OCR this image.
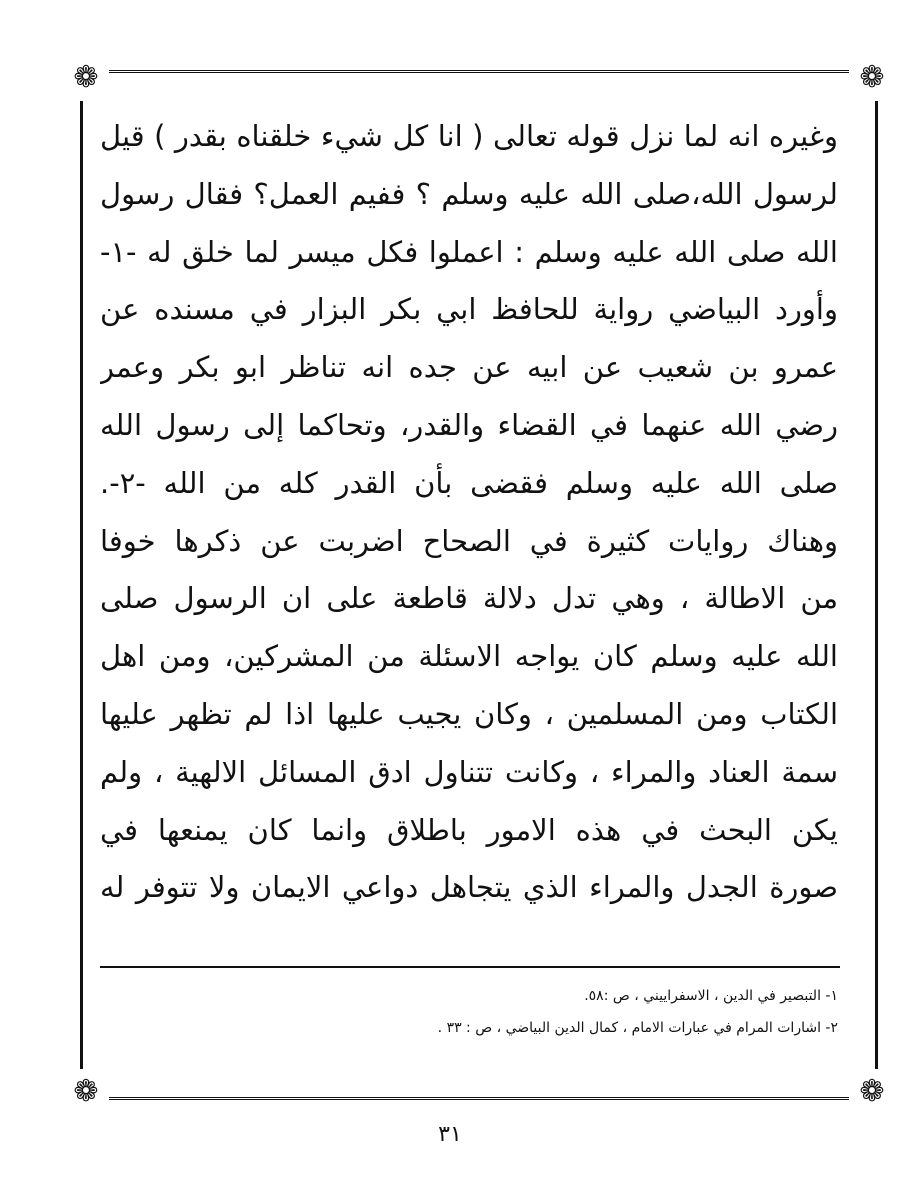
❁	❁
❁	❁
وغيره انه لما نزل قوله تعالى ( انا كل شيء خلقناه بقدر ) قيل
لرسول الله،صلى الله عليه وسلم ؟ ففيم العمل؟ فقال رسول
الله صلى الله عليه وسلم : اعملوا فكل ميسر لما خلق له -١-
وأورد البياضي رواية للحافظ ابي بكر البزار في مسنده عن
عمرو بن شعيب عن ابيه عن جده انه تناظر ابو بكر وعمر
رضي الله عنهما في القضاء والقدر، وتحاكما إلى رسول الله
صلى الله عليه وسلم فقضى بأن القدر كله من الله -٢-.
وهناك روايات كثيرة في الصحاح اضربت عن ذكرها خوفا
من الاطالة ، وهي تدل دلالة قاطعة على ان الرسول صلى
الله عليه وسلم كان يواجه الاسئلة من المشركين، ومن اهل
الكتاب ومن المسلمين ، وكان يجيب عليها اذا لم تظهر عليها
سمة العناد والمراء ، وكانت تتناول ادق المسائل الالهية ، ولم
يكن البحث في هذه الامور باطلاق وانما كان يمنعها في
صورة الجدل والمراء الذي يتجاهل دواعي الايمان ولا تتوفر له
١- التبصير في الدين ، الاسفراييني ، ص :٥٨.
٢- اشارات المرام في عبارات الامام ، كمال الدين البياضي ، ص : ٣٣ .
٣١
